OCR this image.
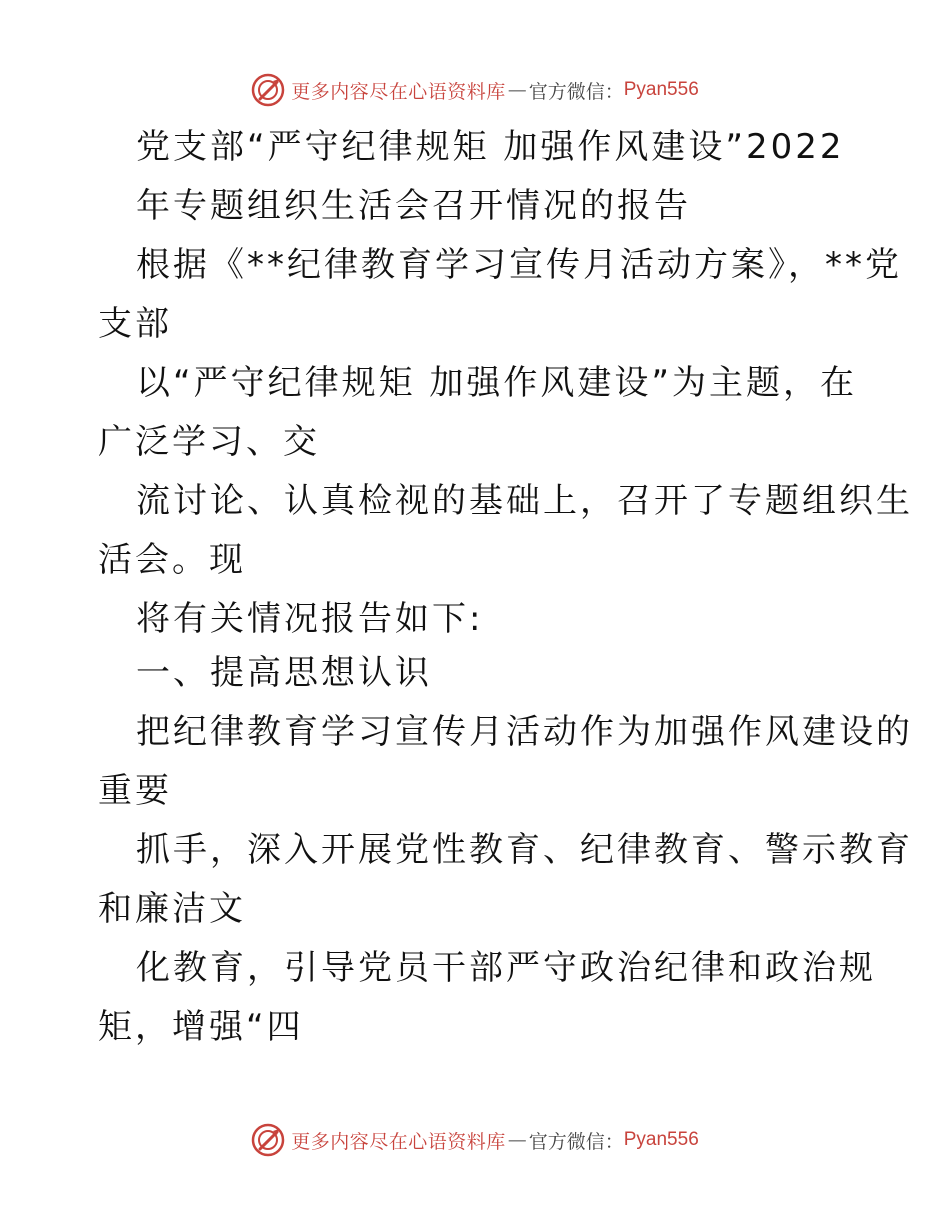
更多内容尽在心语资料库 — 官方微信： Pyan556
党支部“严守纪律规矩 加强作风建设”2022
年专题组织生活会召开情况的报告
根据《**纪律教育学习宣传月活动方案》，**党
支部
以“严守纪律规矩 加强作风建设”为主题，在
广泛学习、交
流讨论、认真检视的基础上，召开了专题组织生
活会。现
将有关情况报告如下:
一、提高思想认识
把纪律教育学习宣传月活动作为加强作风建设的
重要
抓手，深入开展党性教育、纪律教育、警示教育
和廉洁文
化教育，引导党员干部严守政治纪律和政治规
矩，增强“四
更多内容尽在心语资料库 — 官方微信： Pyan556
